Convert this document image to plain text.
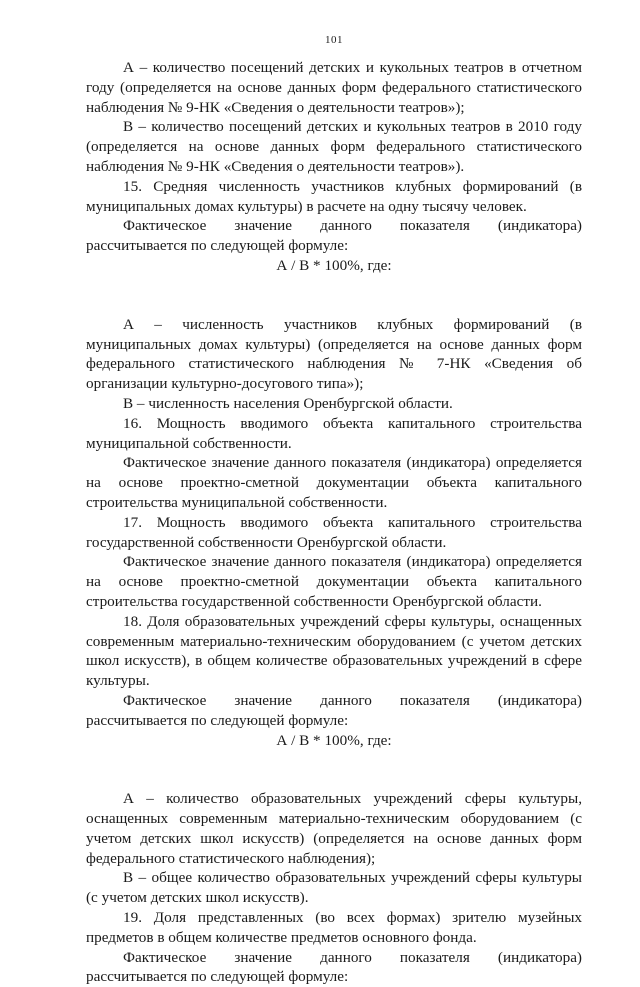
101

А – количество посещений детских и кукольных театров в отчетном году (определяется на основе данных форм федерального статистического наблюдения № 9-НК «Сведения о деятельности театров»);

В – количество посещений детских и кукольных театров в 2010 году (определяется на основе данных форм федерального статистического наблюдения № 9-НК «Сведения о деятельности театров»).

15. Средняя численность участников клубных формирований (в муниципальных домах культуры) в расчете на одну тысячу человек.

Фактическое значение данного показателя (индикатора) рассчитывается по следующей формуле:

А / В * 100%, где:

А – численность участников клубных формирований (в муниципальных домах культуры) (определяется на основе данных форм федерального статистического наблюдения № 7-НК «Сведения об организации культурно-досугового типа»);

В – численность населения Оренбургской области.

16. Мощность вводимого объекта капитального строительства муниципальной собственности.

Фактическое значение данного показателя (индикатора) определяется на основе проектно-сметной документации объекта капитального строительства муниципальной собственности.

17. Мощность вводимого объекта капитального строительства государственной собственности Оренбургской области.

Фактическое значение данного показателя (индикатора) определяется на основе проектно-сметной документации объекта капитального строительства государственной собственности Оренбургской области.

18. Доля образовательных учреждений сферы культуры, оснащенных современным материально-техническим оборудованием (с учетом детских школ искусств), в общем количестве образовательных учреждений в сфере культуры.

Фактическое значение данного показателя (индикатора) рассчитывается по следующей формуле:

А / В * 100%, где:

А – количество образовательных учреждений сферы культуры, оснащенных современным материально-техническим оборудованием (с учетом детских школ искусств) (определяется на основе данных форм федерального статистического наблюдения);

В – общее количество образовательных учреждений сферы культуры (с учетом детских школ искусств).

19. Доля представленных (во всех формах) зрителю музейных предметов в общем количестве предметов основного фонда.

Фактическое значение данного показателя (индикатора) рассчитывается по следующей формуле:
